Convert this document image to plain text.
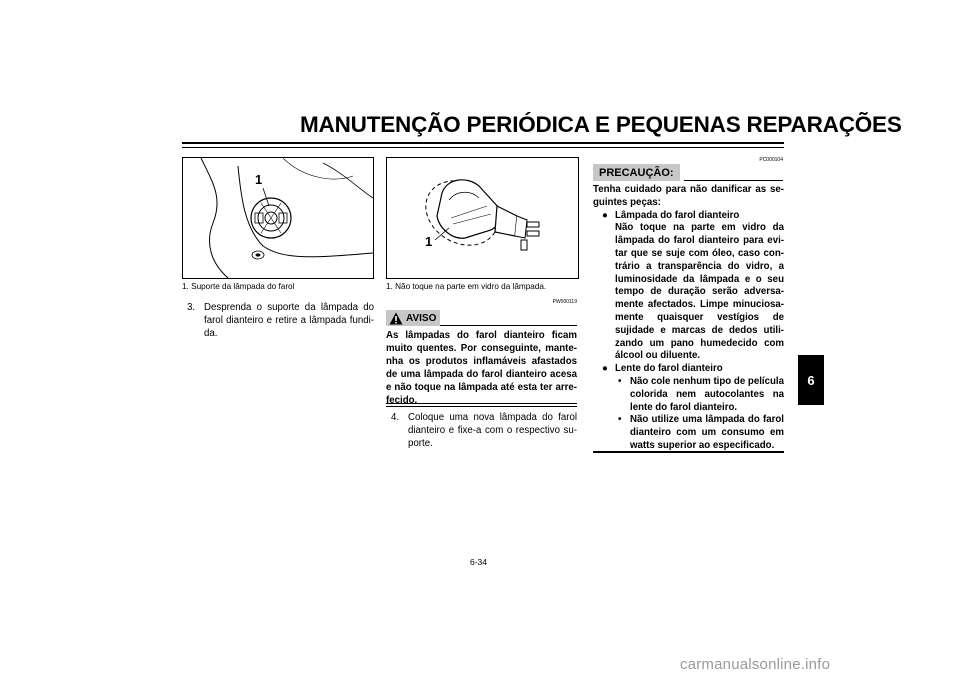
MANUTENÇÃO PERIÓDICA E PEQUENAS REPARAÇÕES
6
1
1. Suporte da lâmpada do farol
3. Desprenda o suporte da lâmpada do farol dianteiro e retire a lâmpada fundi- da.
1
1. Não toque na parte em vidro da lâmpada.
PW000119
AVISO
As lâmpadas do farol dianteiro ficam muito quentes. Por conseguinte, mante- nha os produtos inflamáveis afastados de uma lâmpada do farol dianteiro acesa e não toque na lâmpada até esta ter arre- fecido.
4. Coloque uma nova lâmpada do farol dianteiro e fixe-a com o respectivo su- porte.
PC000104
PRECAUÇÃO:
Tenha cuidado para não danificar as se- guintes peças:
● Lâmpada do farol dianteiro
Não toque na parte em vidro da lâmpada do farol dianteiro para evi- tar que se suje com óleo, caso con- trário a transparência do vidro, a luminosidade da lâmpada e o seu tempo de duração serão adversa- mente afectados. Limpe minuciosa- mente quaisquer vestígios de sujidade e marcas de dedos utili- zando um pano humedecido com álcool ou diluente.
● Lente do farol dianteiro
• Não cole nenhum tipo de película colorida nem autocolantes na lente do farol dianteiro.
• Não utilize uma lâmpada do farol dianteiro com um consumo em watts superior ao especificado.
6-34
carmanualsonline.info
